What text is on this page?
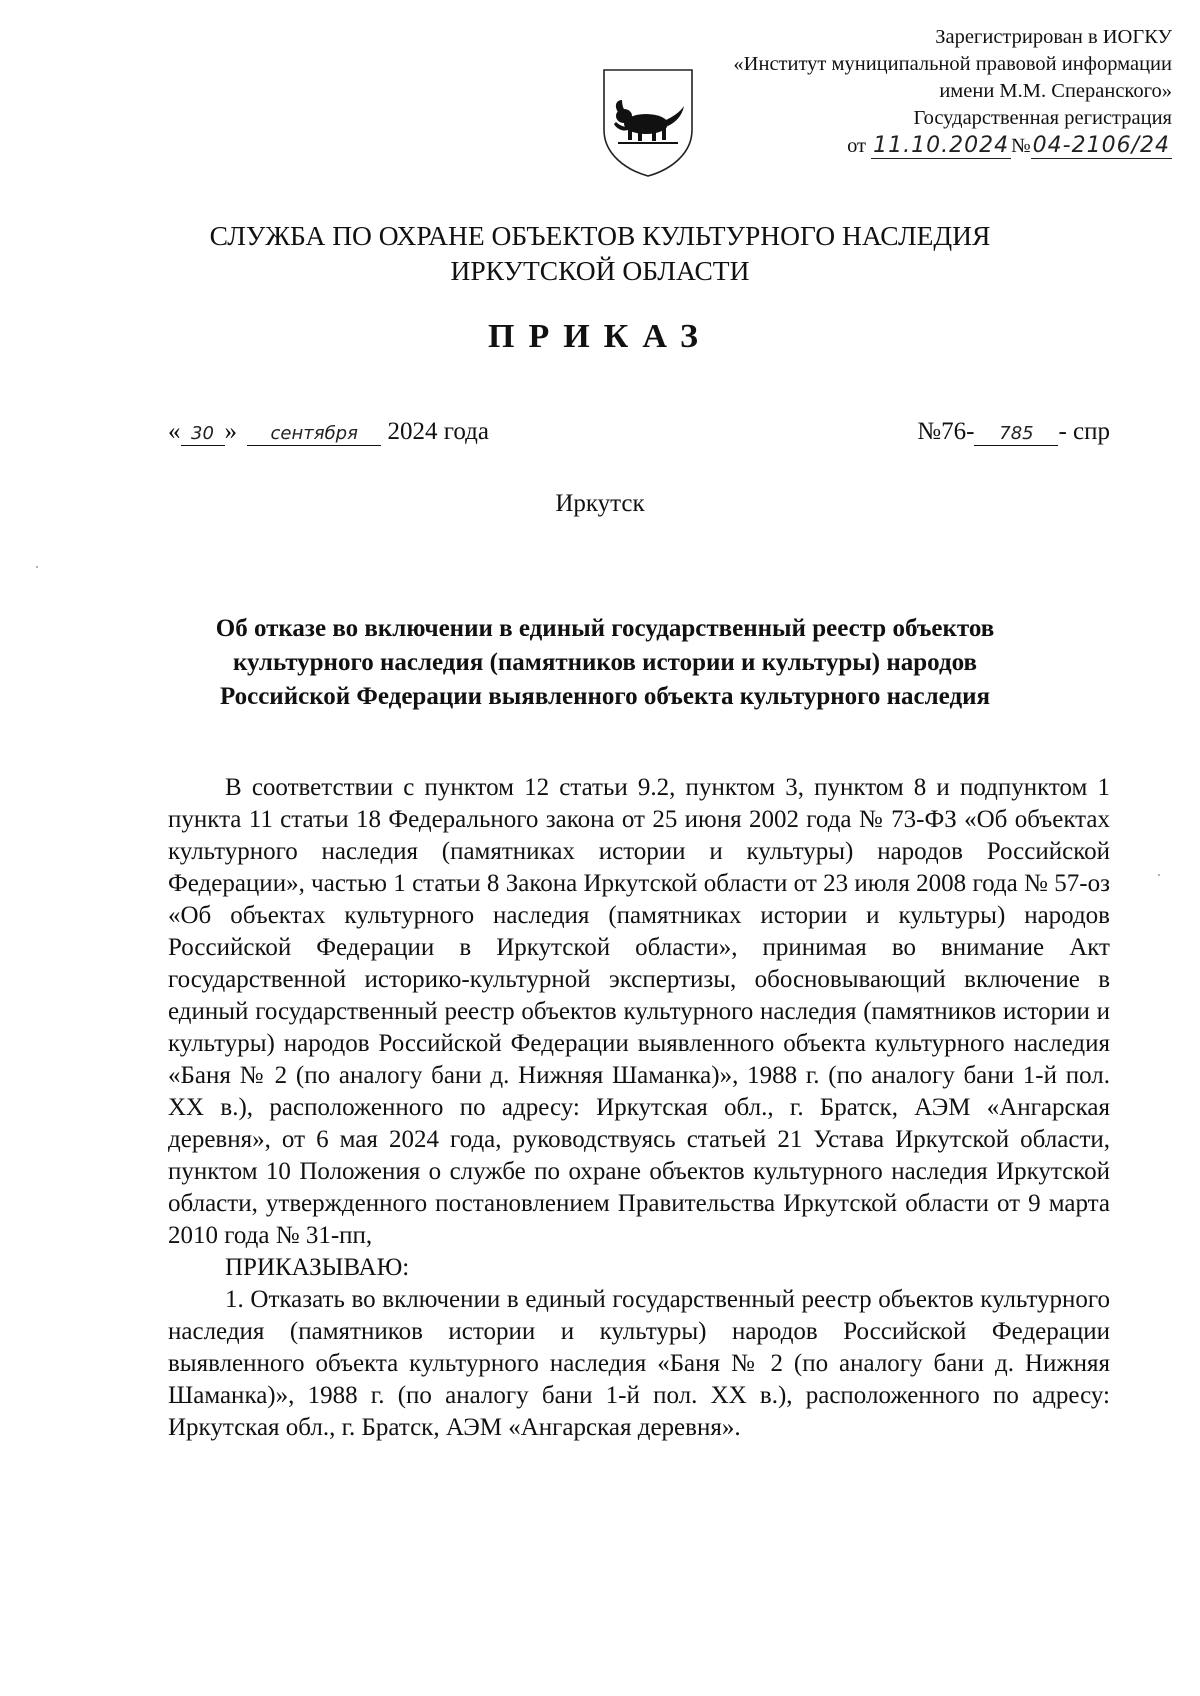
Зарегистрирован в ИОГКУ
«Институт муниципальной правовой информации
имени М.М. Сперанского»
Государственная регистрация
от 11.10.2024№04-2106/24
СЛУЖБА ПО ОХРАНЕ ОБЪЕКТОВ КУЛЬТУРНОГО НАСЛЕДИЯ
ИРКУТСКОЙ ОБЛАСТИ
ПРИКАЗ
« 30 » сентября 2024 года	№76- 785 - спр
Иркутск
Об отказе во включении в единый государственный реестр объектов
культурного наследия (памятников истории и культуры) народов
Российской Федерации выявленного объекта культурного наследия

В соответствии с пунктом 12 статьи 9.2, пунктом 3, пунктом 8 и подпунктом 1 пункта 11 статьи 18 Федерального закона от 25 июня 2002 года № 73-ФЗ «Об объектах культурного наследия (памятниках истории и культуры) народов Российской Федерации», частью 1 статьи 8 Закона Иркутской области от 23 июля 2008 года № 57-оз «Об объектах культурного наследия (памятниках истории и культуры) народов Российской Федерации в Иркутской области», принимая во внимание Акт государственной историко-культурной экспертизы, обосновывающий включение в единый государственный реестр объектов культурного наследия (памятников истории и культуры) народов Российской Федерации выявленного объекта культурного наследия «Баня № 2 (по аналогу бани д. Нижняя Шаманка)», 1988 г. (по аналогу бани 1-й пол. XX в.), расположенного по адресу: Иркутская обл., г. Братск, АЭМ «Ангарская деревня», от 6 мая 2024 года, руководствуясь статьей 21 Устава Иркутской области, пунктом 10 Положения о службе по охране объектов культурного наследия Иркутской области, утвержденного постановлением Правительства Иркутской области от 9 марта 2010 года № 31-пп,

ПРИКАЗЫВАЮ:

1. Отказать во включении в единый государственный реестр объектов культурного наследия (памятников истории и культуры) народов Российской Федерации выявленного объекта культурного наследия «Баня № 2 (по аналогу бани д. Нижняя Шаманка)», 1988 г. (по аналогу бани 1-й пол. XX в.), расположенного по адресу: Иркутская обл., г. Братск, АЭМ «Ангарская деревня».
